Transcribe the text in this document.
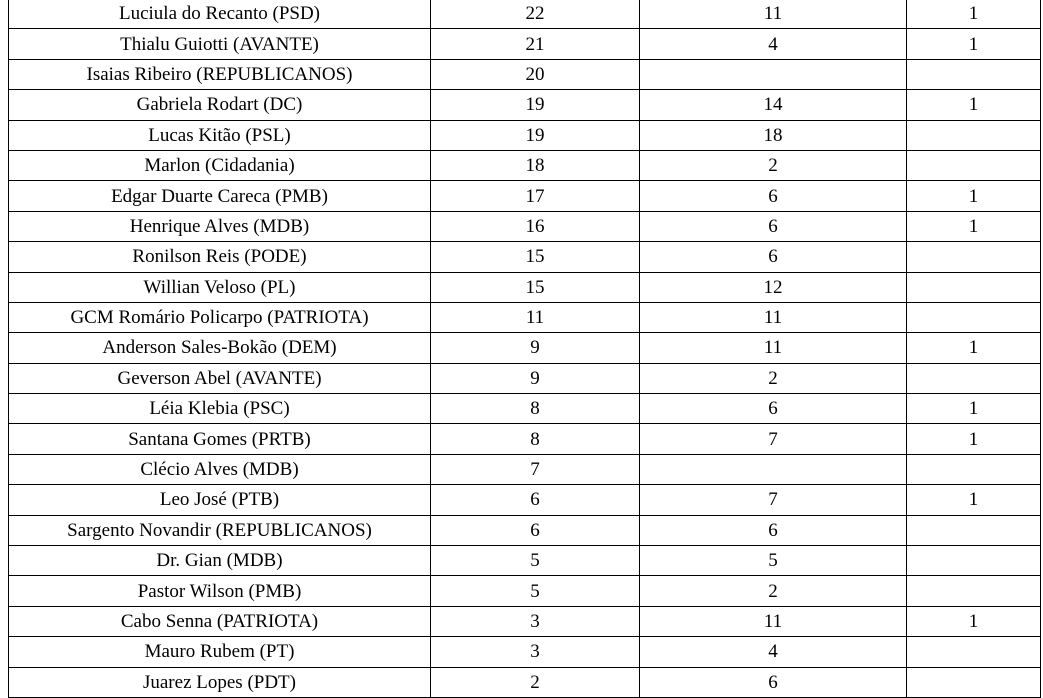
Luciula do Recanto (PSD)	22	11	1
Thialu Guiotti (AVANTE)	21	4	1
Isaias Ribeiro (REPUBLICANOS)	20		
Gabriela Rodart (DC)	19	14	1
Lucas Kitão (PSL)	19	18	
Marlon (Cidadania)	18	2	
Edgar Duarte Careca (PMB)	17	6	1
Henrique Alves (MDB)	16	6	1
Ronilson Reis (PODE)	15	6	
Willian Veloso (PL)	15	12	
GCM Romário Policarpo (PATRIOTA)	11	11	
Anderson Sales-Bokão (DEM)	9	11	1
Geverson Abel (AVANTE)	9	2	
Léia Klebia (PSC)	8	6	1
Santana Gomes (PRTB)	8	7	1
Clécio Alves (MDB)	7		
Leo José (PTB)	6	7	1
Sargento Novandir (REPUBLICANOS)	6	6	
Dr. Gian (MDB)	5	5	
Pastor Wilson (PMB)	5	2	
Cabo Senna (PATRIOTA)	3	11	1
Mauro Rubem (PT)	3	4	
Juarez Lopes (PDT)	2	6	
